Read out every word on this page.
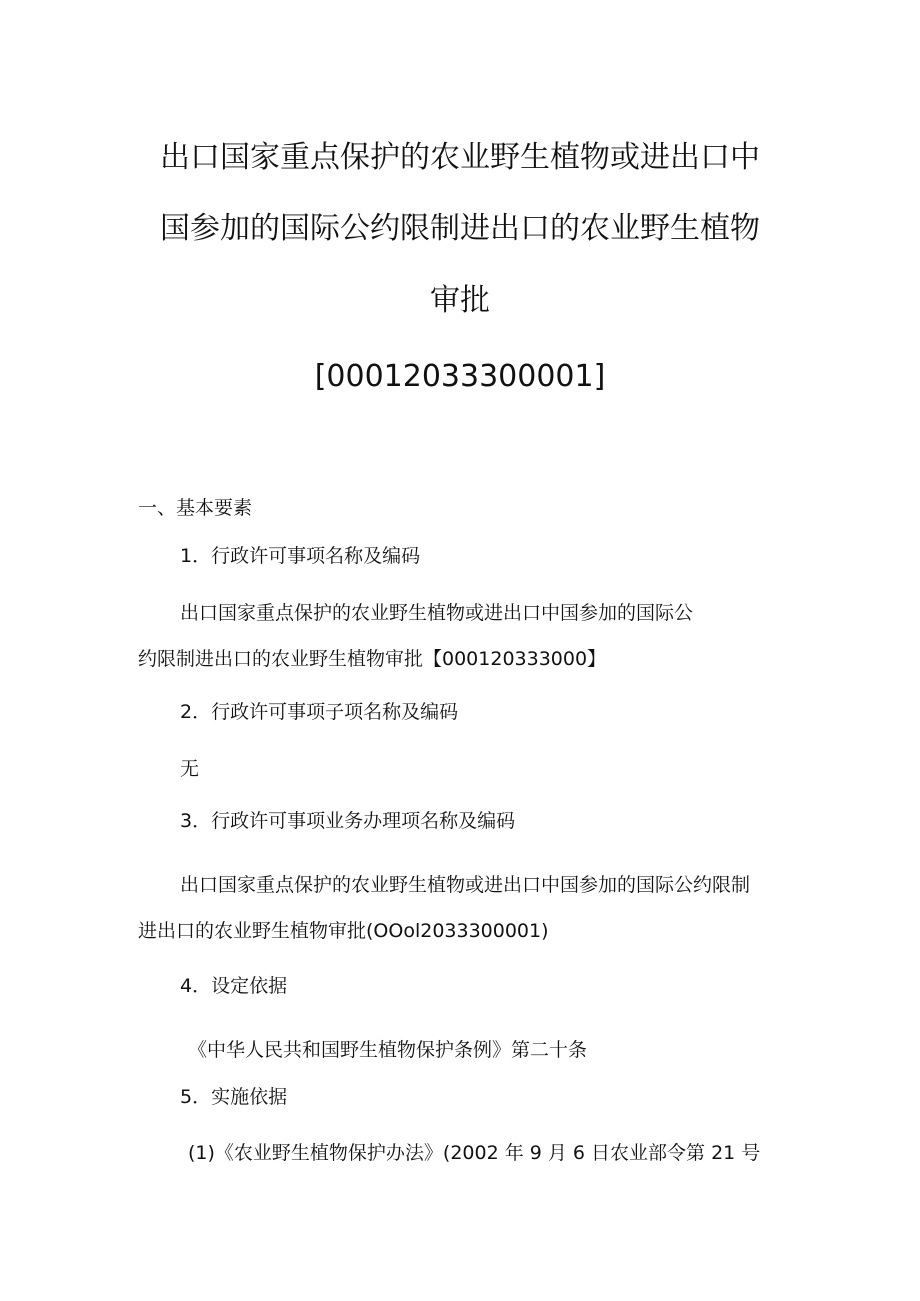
出口国家重点保护的农业野生植物或进出口中
国参加的国际公约限制进出口的农业野生植物
审批
[00012033300001]
一、基本要素
1．行政许可事项名称及编码
出口国家重点保护的农业野生植物或进出口中国参加的国际公
约限制进出口的农业野生植物审批【000120333000】
2．行政许可事项子项名称及编码
无
3．行政许可事项业务办理项名称及编码
出口国家重点保护的农业野生植物或进出口中国参加的国际公约限制
进出口的农业野生植物审批(OOol2033300001)
4．设定依据
《中华人民共和国野生植物保护条例》第二十条
5．实施依据
(1)《农业野生植物保护办法》(2002 年 9 月 6 日农业部令第 21 号
